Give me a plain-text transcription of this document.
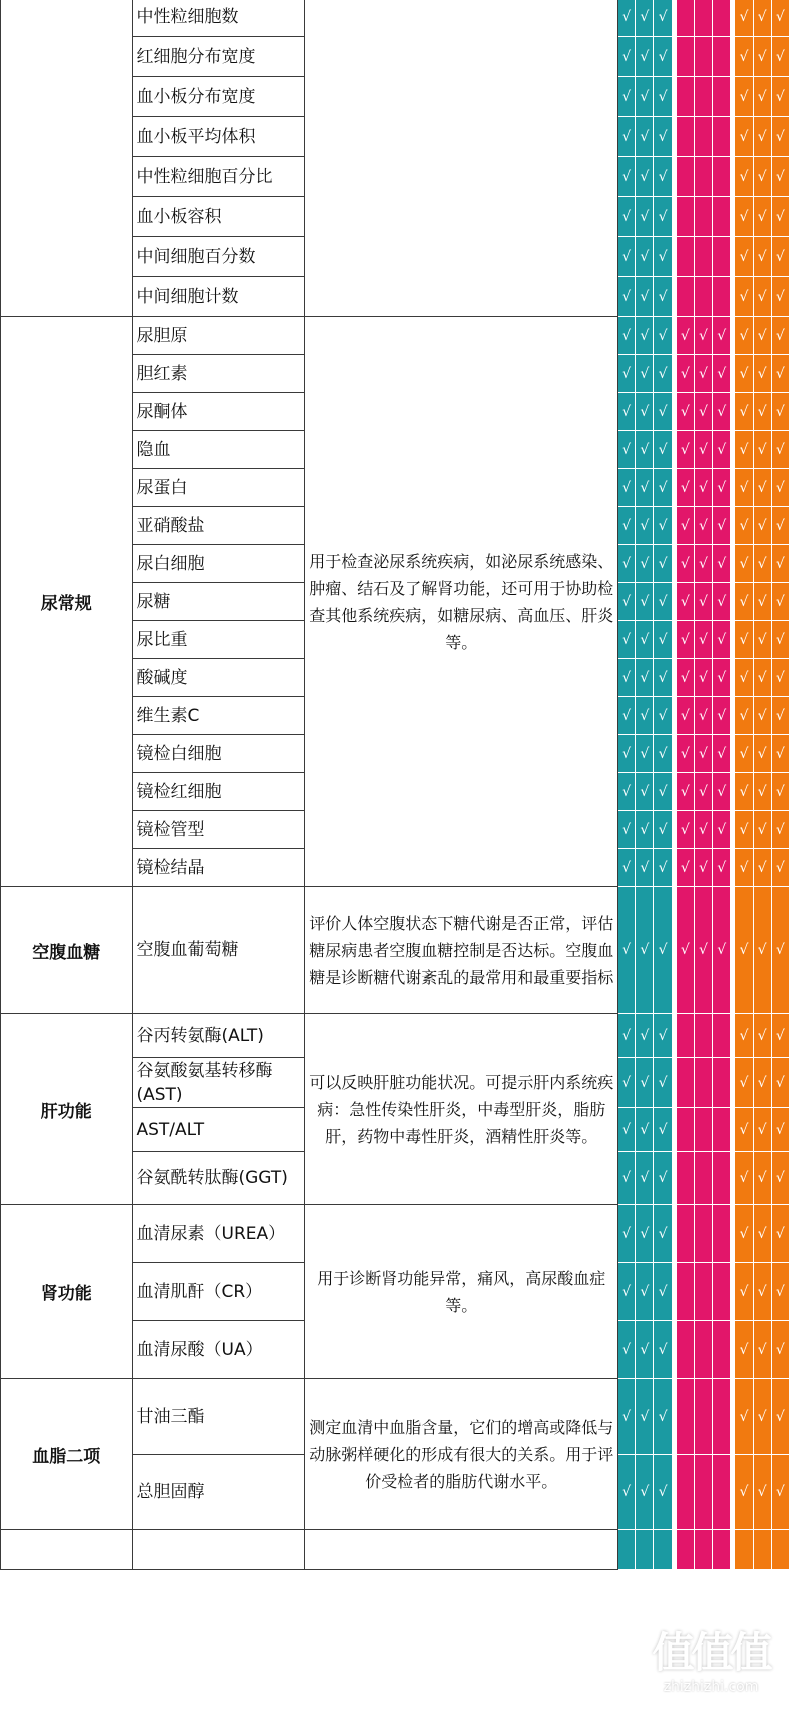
	中性粒细胞数		√	√	√						√	√	√
	红细胞分布宽度		√	√	√						√	√	√
	血小板分布宽度		√	√	√						√	√	√
	血小板平均体积		√	√	√						√	√	√
	中性粒细胞百分比		√	√	√						√	√	√
	血小板容积		√	√	√						√	√	√
	中间细胞百分数		√	√	√						√	√	√
	中间细胞计数		√	√	√						√	√	√
尿常规	尿胆原	用于检查泌尿系统疾病，如泌尿系统感染、肿瘤、结石及了解肾功能，还可用于协助检查其他系统疾病，如糖尿病、高血压、肝炎等。	√	√	√		√	√	√		√	√	√
	胆红素		√	√	√		√	√	√		√	√	√
	尿酮体		√	√	√		√	√	√		√	√	√
	隐血		√	√	√		√	√	√		√	√	√
	尿蛋白		√	√	√		√	√	√		√	√	√
	亚硝酸盐		√	√	√		√	√	√		√	√	√
	尿白细胞		√	√	√		√	√	√		√	√	√
	尿糖		√	√	√		√	√	√		√	√	√
	尿比重		√	√	√		√	√	√		√	√	√
	酸碱度		√	√	√		√	√	√		√	√	√
	维生素C		√	√	√		√	√	√		√	√	√
	镜检白细胞		√	√	√		√	√	√		√	√	√
	镜检红细胞		√	√	√		√	√	√		√	√	√
	镜检管型		√	√	√		√	√	√		√	√	√
	镜检结晶		√	√	√		√	√	√		√	√	√
空腹血糖	空腹血葡萄糖	评价人体空腹状态下糖代谢是否正常，评估糖尿病患者空腹血糖控制是否达标。空腹血糖是诊断糖代谢紊乱的最常用和最重要指标	√	√	√		√	√	√		√	√	√
肝功能	谷丙转氨酶(ALT)	可以反映肝脏功能状况。可提示肝内系统疾病：急性传染性肝炎，中毒型肝炎，脂肪肝，药物中毒性肝炎，酒精性肝炎等。	√	√	√						√	√	√
	谷氨酸氨基转移酶(AST)		√	√	√						√	√	√
	AST/ALT		√	√	√						√	√	√
	谷氨酰转肽酶(GGT)		√	√	√						√	√	√
肾功能	血清尿素（UREA）	用于诊断肾功能异常，痛风，高尿酸血症等。	√	√	√						√	√	√
	血清肌酐（CR）		√	√	√						√	√	√
	血清尿酸（UA）		√	√	√						√	√	√
血脂二项	甘油三酯	测定血清中血脂含量，它们的增高或降低与动脉粥样硬化的形成有很大的关系。用于评价受检者的脂肪代谢水平。	√	√	√						√	√	√
	总胆固醇		√	√	√						√	√	√

值值值
zhizhizhi.com
